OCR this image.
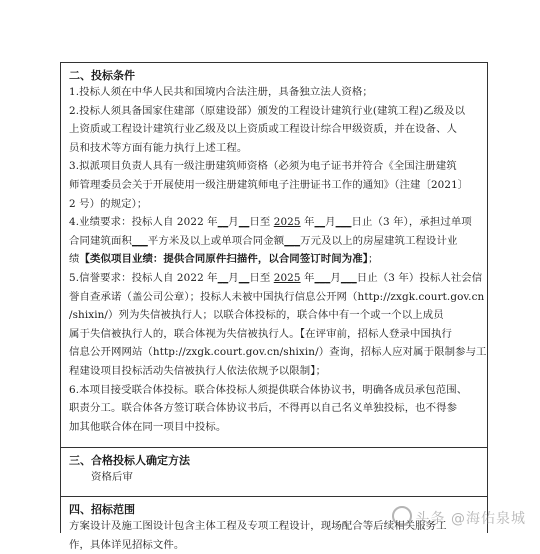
二、投标条件
1.投标人须在中华人民共和国境内合法注册，具备独立法人资格；
2.投标人须具备国家住建部（原建设部）颁发的工程设计建筑行业(建筑工程)乙级及以
上资质或工程设计建筑行业乙级及以上资质或工程设计综合甲级资质，并在设备、人
员和技术等方面有能力执行上述工程。
3.拟派项目负责人具有一级注册建筑师资格（必须为电子证书并符合《全国注册建筑
师管理委员会关于开展使用一级注册建筑师电子注册证书工作的通知》（注建〔2021〕
2 号）的规定）；
4.业绩要求：投标人自 2022 年__月__日至 2025 年__月___日止（3 年），承担过单项
合同建筑面积___平方米及以上或单项合同金额___万元及以上的房屋建筑工程设计业
绩【类似项目业绩：提供合同原件扫描件，以合同签订时间为准】；
5.信誉要求：投标人自 2022 年__月__日至 2025 年___月___日止（3 年）投标人社会信
誉自查承诺（盖公司公章）；投标人未被中国执行信息公开网（http://zxgk.court.gov.cn
/shixin/）列为失信被执行人；以联合体投标的，联合体中有一个或一个以上成员
属于失信被执行人的，联合体视为失信被执行人。【在评审前，招标人登录中国执行
信息公开网网站（http://zxgk.court.gov.cn/shixin/）查询，招标人应对属于限制参与工
程建设项目投标活动失信被执行人依法依规予以限制】；
6.本项目接受联合体投标。联合体投标人须提供联合体协议书，明确各成员承包范围、
职责分工。联合体各方签订联合体协议书后，不得再以自己名义单独投标，也不得参
加其他联合体在同一项目中投标。
三、合格投标人确定方法
资格后审
四、招标范围
方案设计及施工图设计包含主体工程及专项工程设计，现场配合等后续相关服务工
作，具体详见招标文件。
头条 @海佑泉城
